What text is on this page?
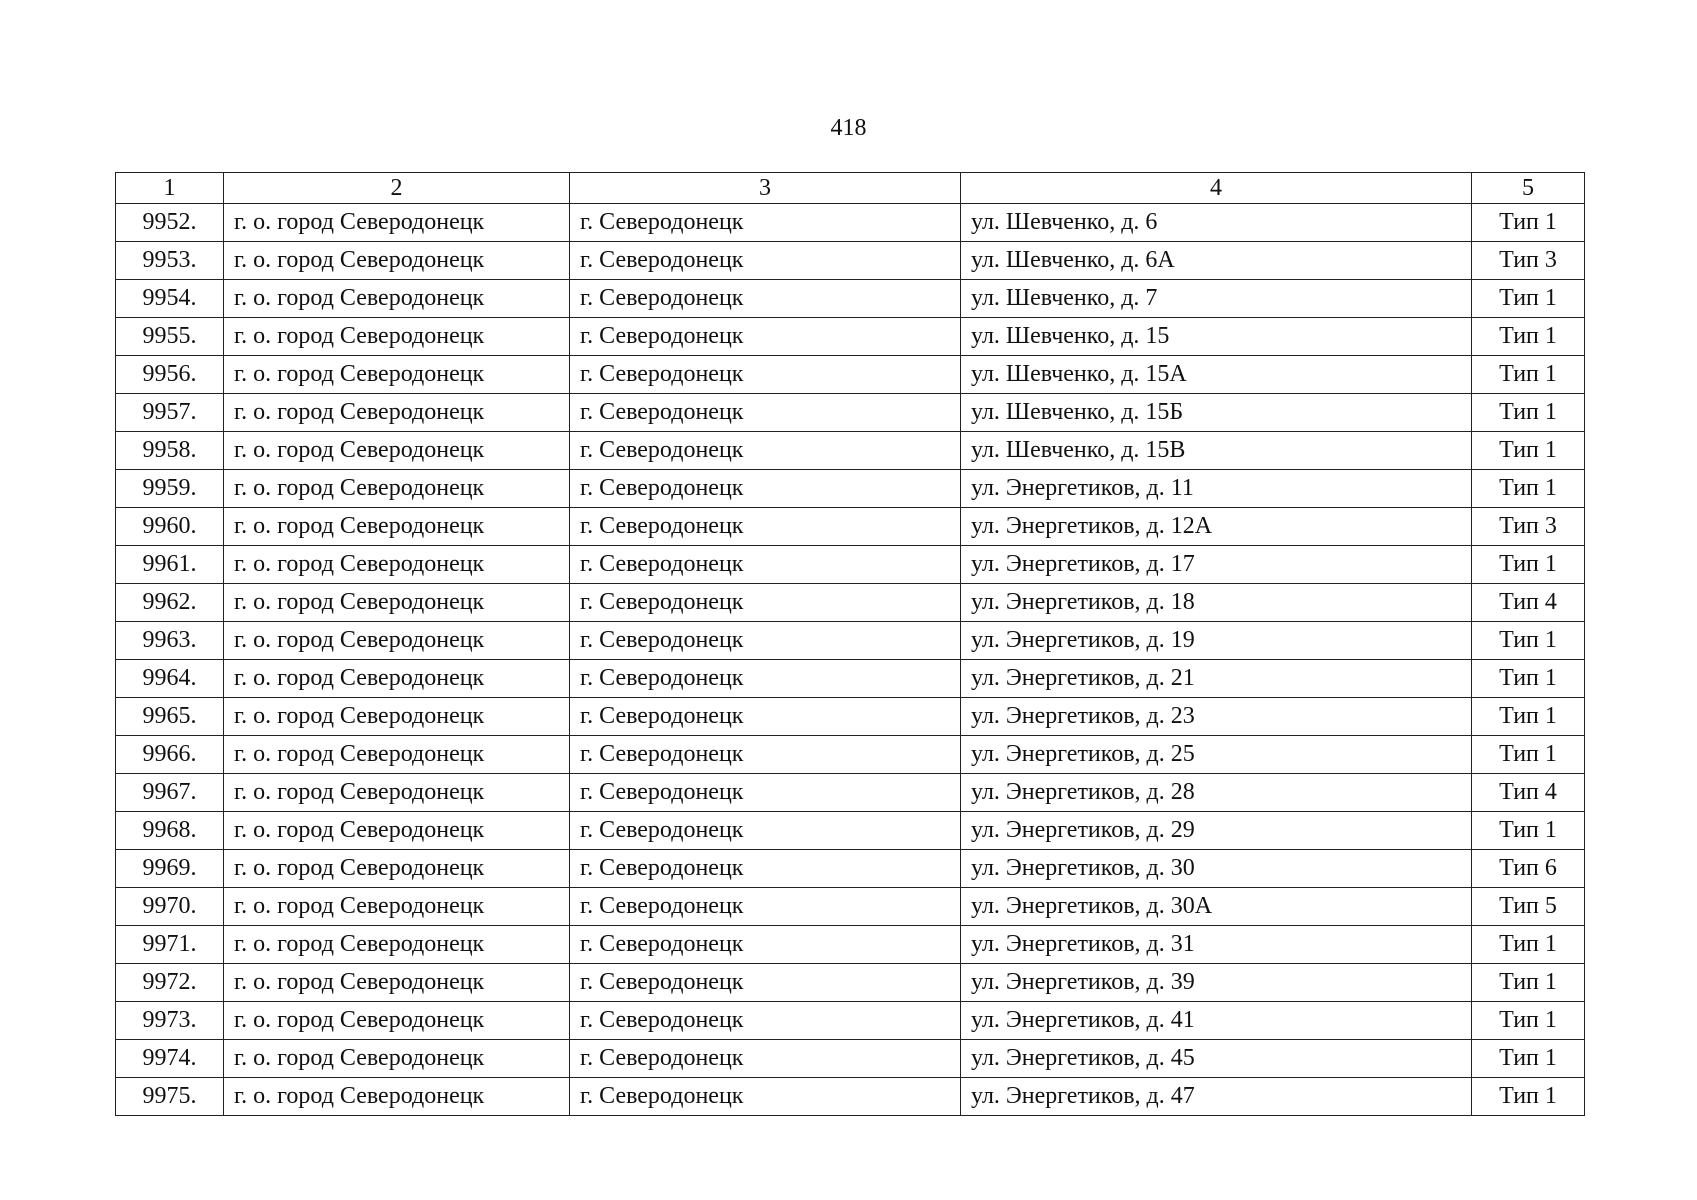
418
1	2	3	4	5
9952.	г. о. город Северодонецк	г. Северодонецк	ул. Шевченко, д. 6	Тип 1
9953.	г. о. город Северодонецк	г. Северодонецк	ул. Шевченко, д. 6А	Тип 3
9954.	г. о. город Северодонецк	г. Северодонецк	ул. Шевченко, д. 7	Тип 1
9955.	г. о. город Северодонецк	г. Северодонецк	ул. Шевченко, д. 15	Тип 1
9956.	г. о. город Северодонецк	г. Северодонецк	ул. Шевченко, д. 15А	Тип 1
9957.	г. о. город Северодонецк	г. Северодонецк	ул. Шевченко, д. 15Б	Тип 1
9958.	г. о. город Северодонецк	г. Северодонецк	ул. Шевченко, д. 15В	Тип 1
9959.	г. о. город Северодонецк	г. Северодонецк	ул. Энергетиков, д. 11	Тип 1
9960.	г. о. город Северодонецк	г. Северодонецк	ул. Энергетиков, д. 12А	Тип 3
9961.	г. о. город Северодонецк	г. Северодонецк	ул. Энергетиков, д. 17	Тип 1
9962.	г. о. город Северодонецк	г. Северодонецк	ул. Энергетиков, д. 18	Тип 4
9963.	г. о. город Северодонецк	г. Северодонецк	ул. Энергетиков, д. 19	Тип 1
9964.	г. о. город Северодонецк	г. Северодонецк	ул. Энергетиков, д. 21	Тип 1
9965.	г. о. город Северодонецк	г. Северодонецк	ул. Энергетиков, д. 23	Тип 1
9966.	г. о. город Северодонецк	г. Северодонецк	ул. Энергетиков, д. 25	Тип 1
9967.	г. о. город Северодонецк	г. Северодонецк	ул. Энергетиков, д. 28	Тип 4
9968.	г. о. город Северодонецк	г. Северодонецк	ул. Энергетиков, д. 29	Тип 1
9969.	г. о. город Северодонецк	г. Северодонецк	ул. Энергетиков, д. 30	Тип 6
9970.	г. о. город Северодонецк	г. Северодонецк	ул. Энергетиков, д. 30А	Тип 5
9971.	г. о. город Северодонецк	г. Северодонецк	ул. Энергетиков, д. 31	Тип 1
9972.	г. о. город Северодонецк	г. Северодонецк	ул. Энергетиков, д. 39	Тип 1
9973.	г. о. город Северодонецк	г. Северодонецк	ул. Энергетиков, д. 41	Тип 1
9974.	г. о. город Северодонецк	г. Северодонецк	ул. Энергетиков, д. 45	Тип 1
9975.	г. о. город Северодонецк	г. Северодонецк	ул. Энергетиков, д. 47	Тип 1
